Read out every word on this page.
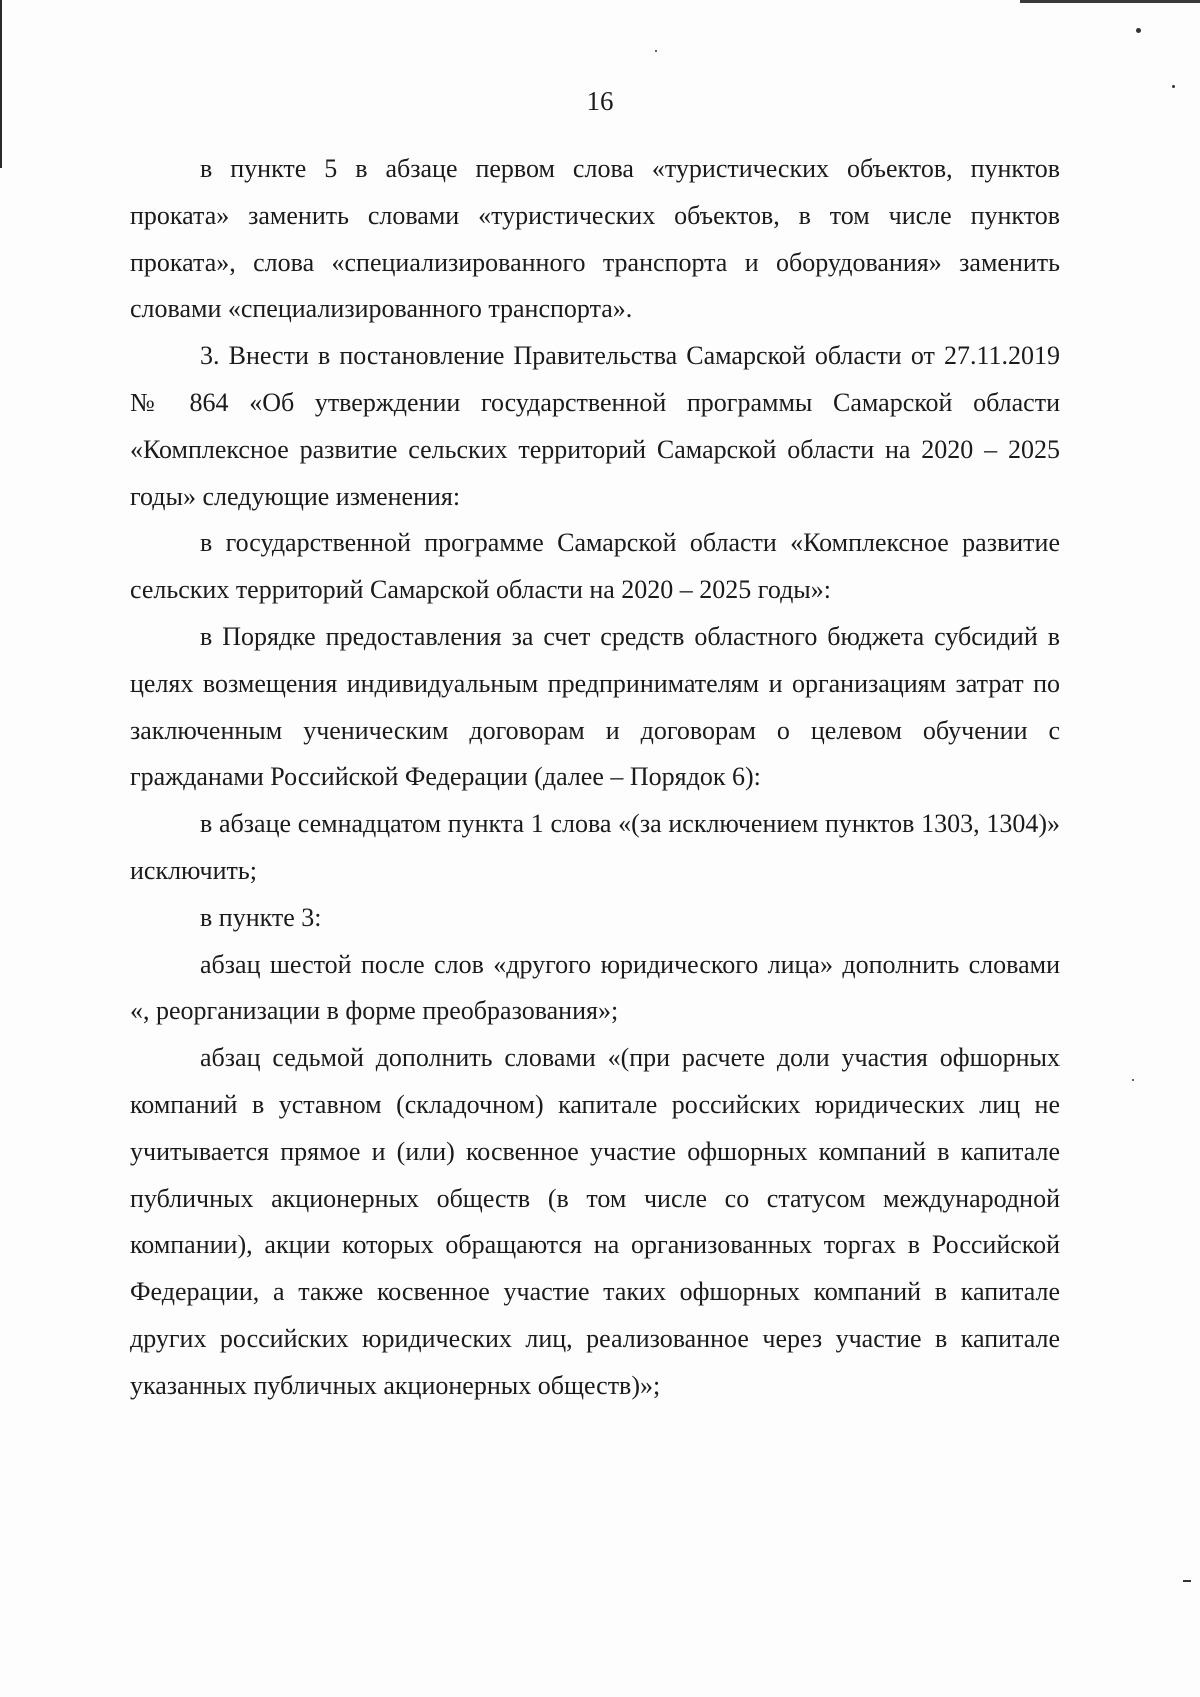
16

в пункте 5 в абзаце первом слова «туристических объектов, пунктов проката» заменить словами «туристических объектов, в том числе пунктов проката», слова «специализированного транспорта и оборудования» заменить словами «специализированного транспорта».

3. Внести в постановление Правительства Самарской области от 27.11.2019 № 864 «Об утверждении государственной программы Самарской области «Комплексное развитие сельских территорий Самарской области на 2020 – 2025 годы» следующие изменения:

в государственной программе Самарской области «Комплексное развитие сельских территорий Самарской области на 2020 – 2025 годы»:

в Порядке предоставления за счет средств областного бюджета субсидий в целях возмещения индивидуальным предпринимателям и организациям затрат по заключенным ученическим договорам и договорам о целевом обучении с гражданами Российской Федерации (далее – Порядок 6):

в абзаце семнадцатом пункта 1 слова «(за исключением пунктов 1303, 1304)» исключить;

в пункте 3:

абзац шестой после слов «другого юридического лица» дополнить словами «, реорганизации в форме преобразования»;

абзац седьмой дополнить словами «(при расчете доли участия офшорных компаний в уставном (складочном) капитале российских юридических лиц не учитывается прямое и (или) косвенное участие офшорных компаний в капитале публичных акционерных обществ (в том числе со статусом международной компании), акции которых обращаются на организованных торгах в Российской Федерации, а также косвенное участие таких офшорных компаний в капитале других российских юридических лиц, реализованное через участие в капитале указанных публичных акционерных обществ)»;
